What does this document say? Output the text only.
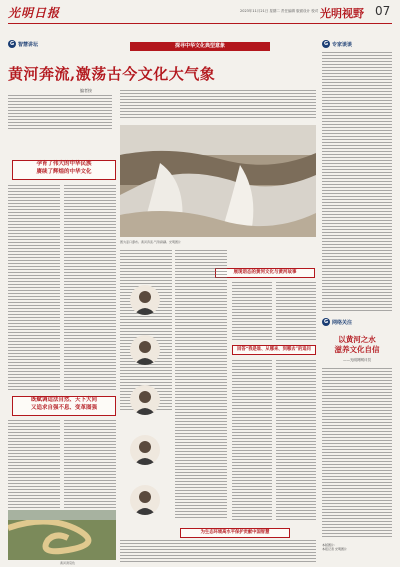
光明日报	2023年11月21日 星期二 责任编辑 版面设计 校对 光明视野 07
G 智慧讲坛	G 专家谈谈
探寻中华文化典型意象
黄河奔流,激荡古今文化大气象
编者按
图为壶口瀑布。黄河奔流,气势磅礴。光明图片
孕育了伟大的中华民族
赓续了辉煌的中华文化
既赋调适法自然、天下大同
又追求自强不息、变革图强
黄河湾景色
展现语态的黄河文化与黄河故事
回答“我是谁、从哪来、到哪去”的追问
为生态环境高水平保护贡献中国智慧
G 网络关注
以黄河之水
滋养文化自信
——光明网网评员
本版图片:
本报记者 光明图片
